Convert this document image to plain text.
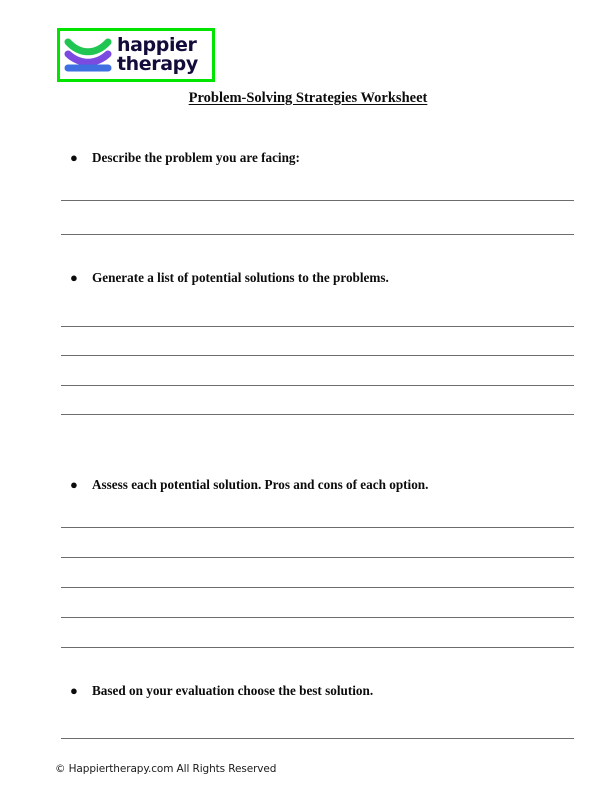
happier
therapy
Problem-Solving Strategies Worksheet
●	Describe the problem you are facing:
●	Generate a list of potential solutions to the problems.
●	Assess each potential solution. Pros and cons of each option.
●	Based on your evaluation choose the best solution.
© Happiertherapy.com All Rights Reserved
